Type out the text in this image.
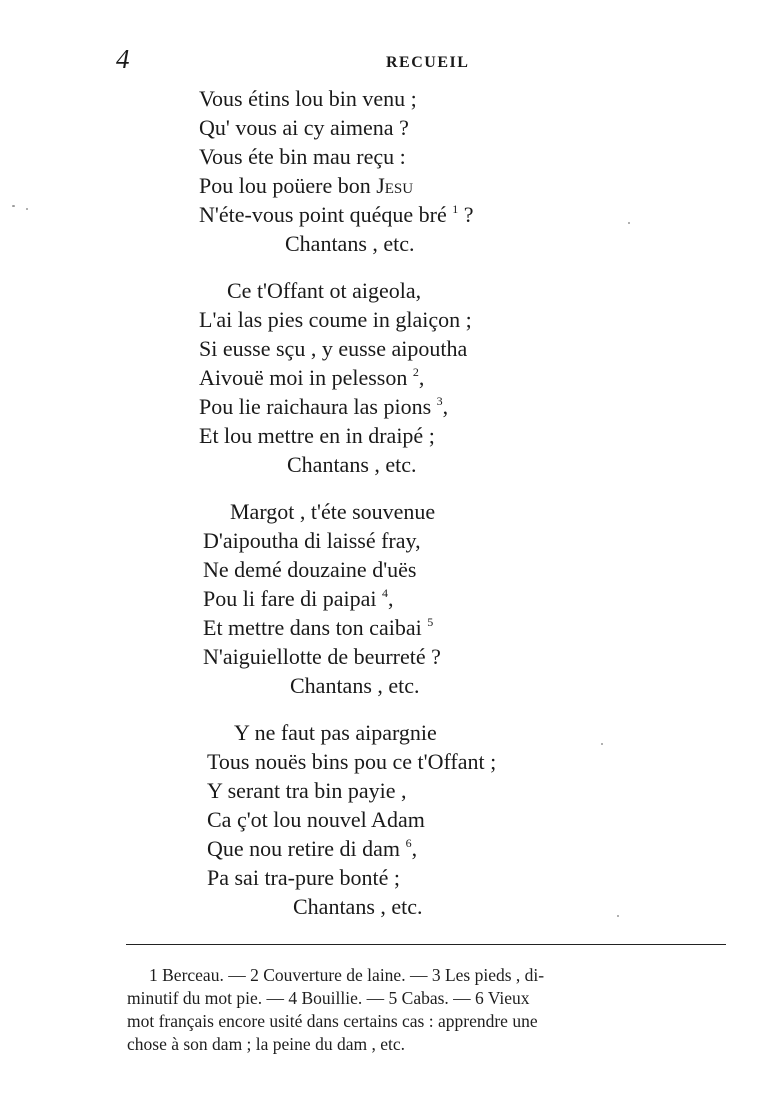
4	RECUEIL
Vous étins lou bin venu ;
Qu' vous ai cy aimena ?
Vous éte bin mau reçu :
Pou lou poüere bon Jesu
N'éte-vous point quéque bré $^1$ ?
Chantans , etc.
Ce t'Offant ot aigeola,
L'ai las pies coume in glaiçon ;
Si eusse sçu , y eusse aipoutha
Aivouë moi in pelesson $^2$,
Pou lie raichaura las pions $^3$,
Et lou mettre en in draipé ;
Chantans , etc.
Margot , t'éte souvenue
D'aipoutha di laissé fray,
Ne demé douzaine d'uës
Pou li fare di paipai $^4$,
Et mettre dans ton caibai $^5$
N'aiguiellotte de beurreté ?
Chantans , etc.
Y ne faut pas aipargnie
Tous nouës bins pou ce t'Offant ;
Y serant tra bin payie ,
Ca ç'ot lou nouvel Adam
Que nou retire di dam $^6$,
Pa sai tra-pure bonté ;
Chantans , etc.
1 Berceau. — 2 Couverture de laine. — 3 Les pieds , di-
minutif du mot pie. — 4 Bouillie. — 5 Cabas. — 6 Vieux
mot français encore usité dans certains cas : apprendre une
chose à son dam ; la peine du dam , etc.
